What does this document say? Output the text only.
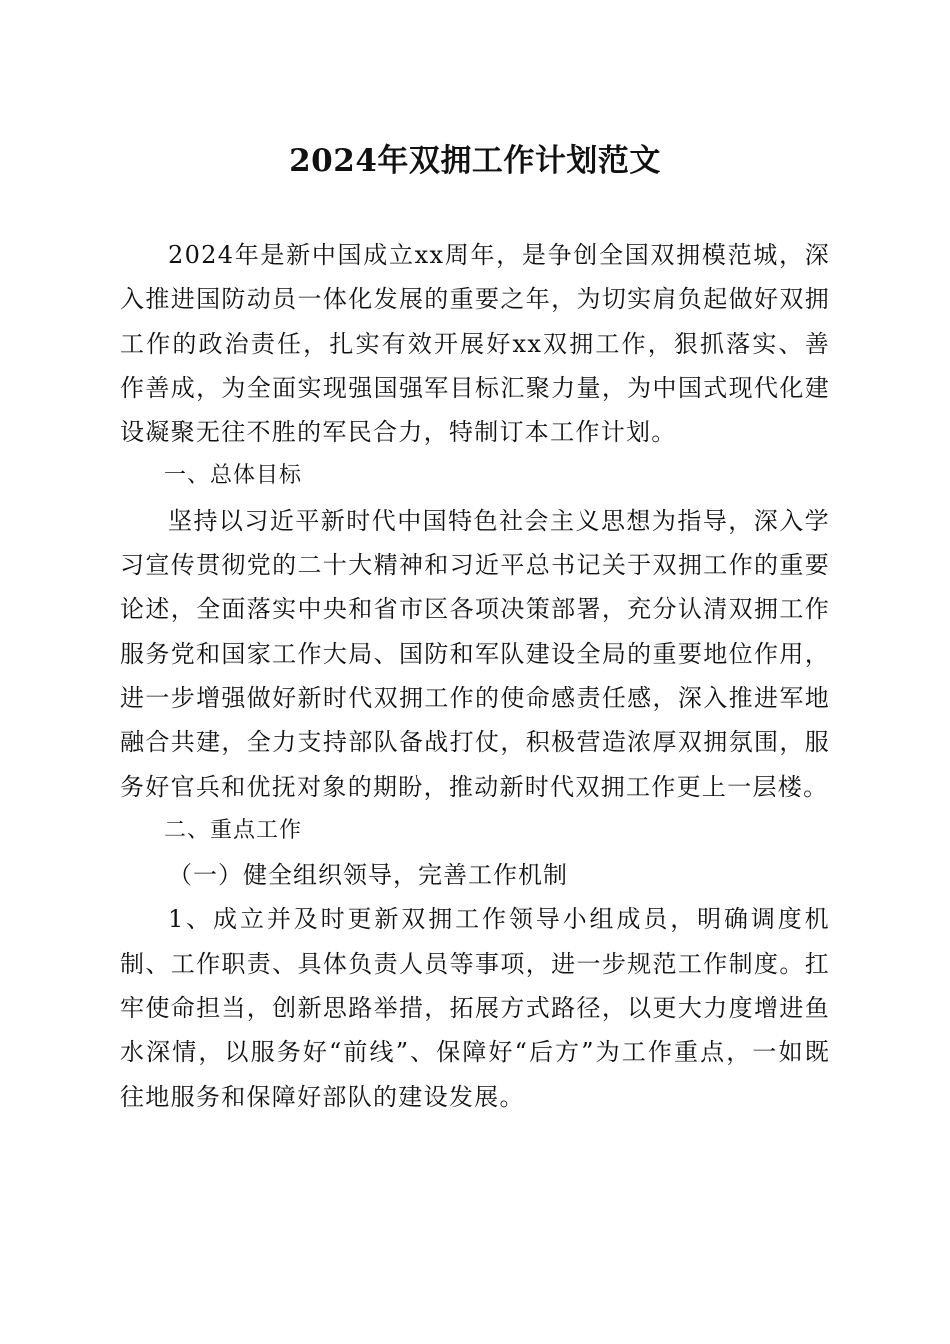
2024年双拥工作计划范文

2024年是新中国成立xx周年，是争创全国双拥模范城，深入推进国防动员一体化发展的重要之年，为切实肩负起做好双拥工作的政治责任，扎实有效开展好xx双拥工作，狠抓落实、善作善成，为全面实现强国强军目标汇聚力量，为中国式现代化建设凝聚无往不胜的军民合力，特制订本工作计划。

一、总体目标

坚持以习近平新时代中国特色社会主义思想为指导，深入学习宣传贯彻党的二十大精神和习近平总书记关于双拥工作的重要论述，全面落实中央和省市区各项决策部署，充分认清双拥工作服务党和国家工作大局、国防和军队建设全局的重要地位作用，进一步增强做好新时代双拥工作的使命感责任感，深入推进军地融合共建，全力支持部队备战打仗，积极营造浓厚双拥氛围，服务好官兵和优抚对象的期盼，推动新时代双拥工作更上一层楼。

二、重点工作

（一）健全组织领导，完善工作机制

1、成立并及时更新双拥工作领导小组成员，明确调度机制、工作职责、具体负责人员等事项，进一步规范工作制度。扛牢使命担当，创新思路举措，拓展方式路径，以更大力度增进鱼水深情，以服务好“前线”、保障好“后方”为工作重点，一如既往地服务和保障好部队的建设发展。
